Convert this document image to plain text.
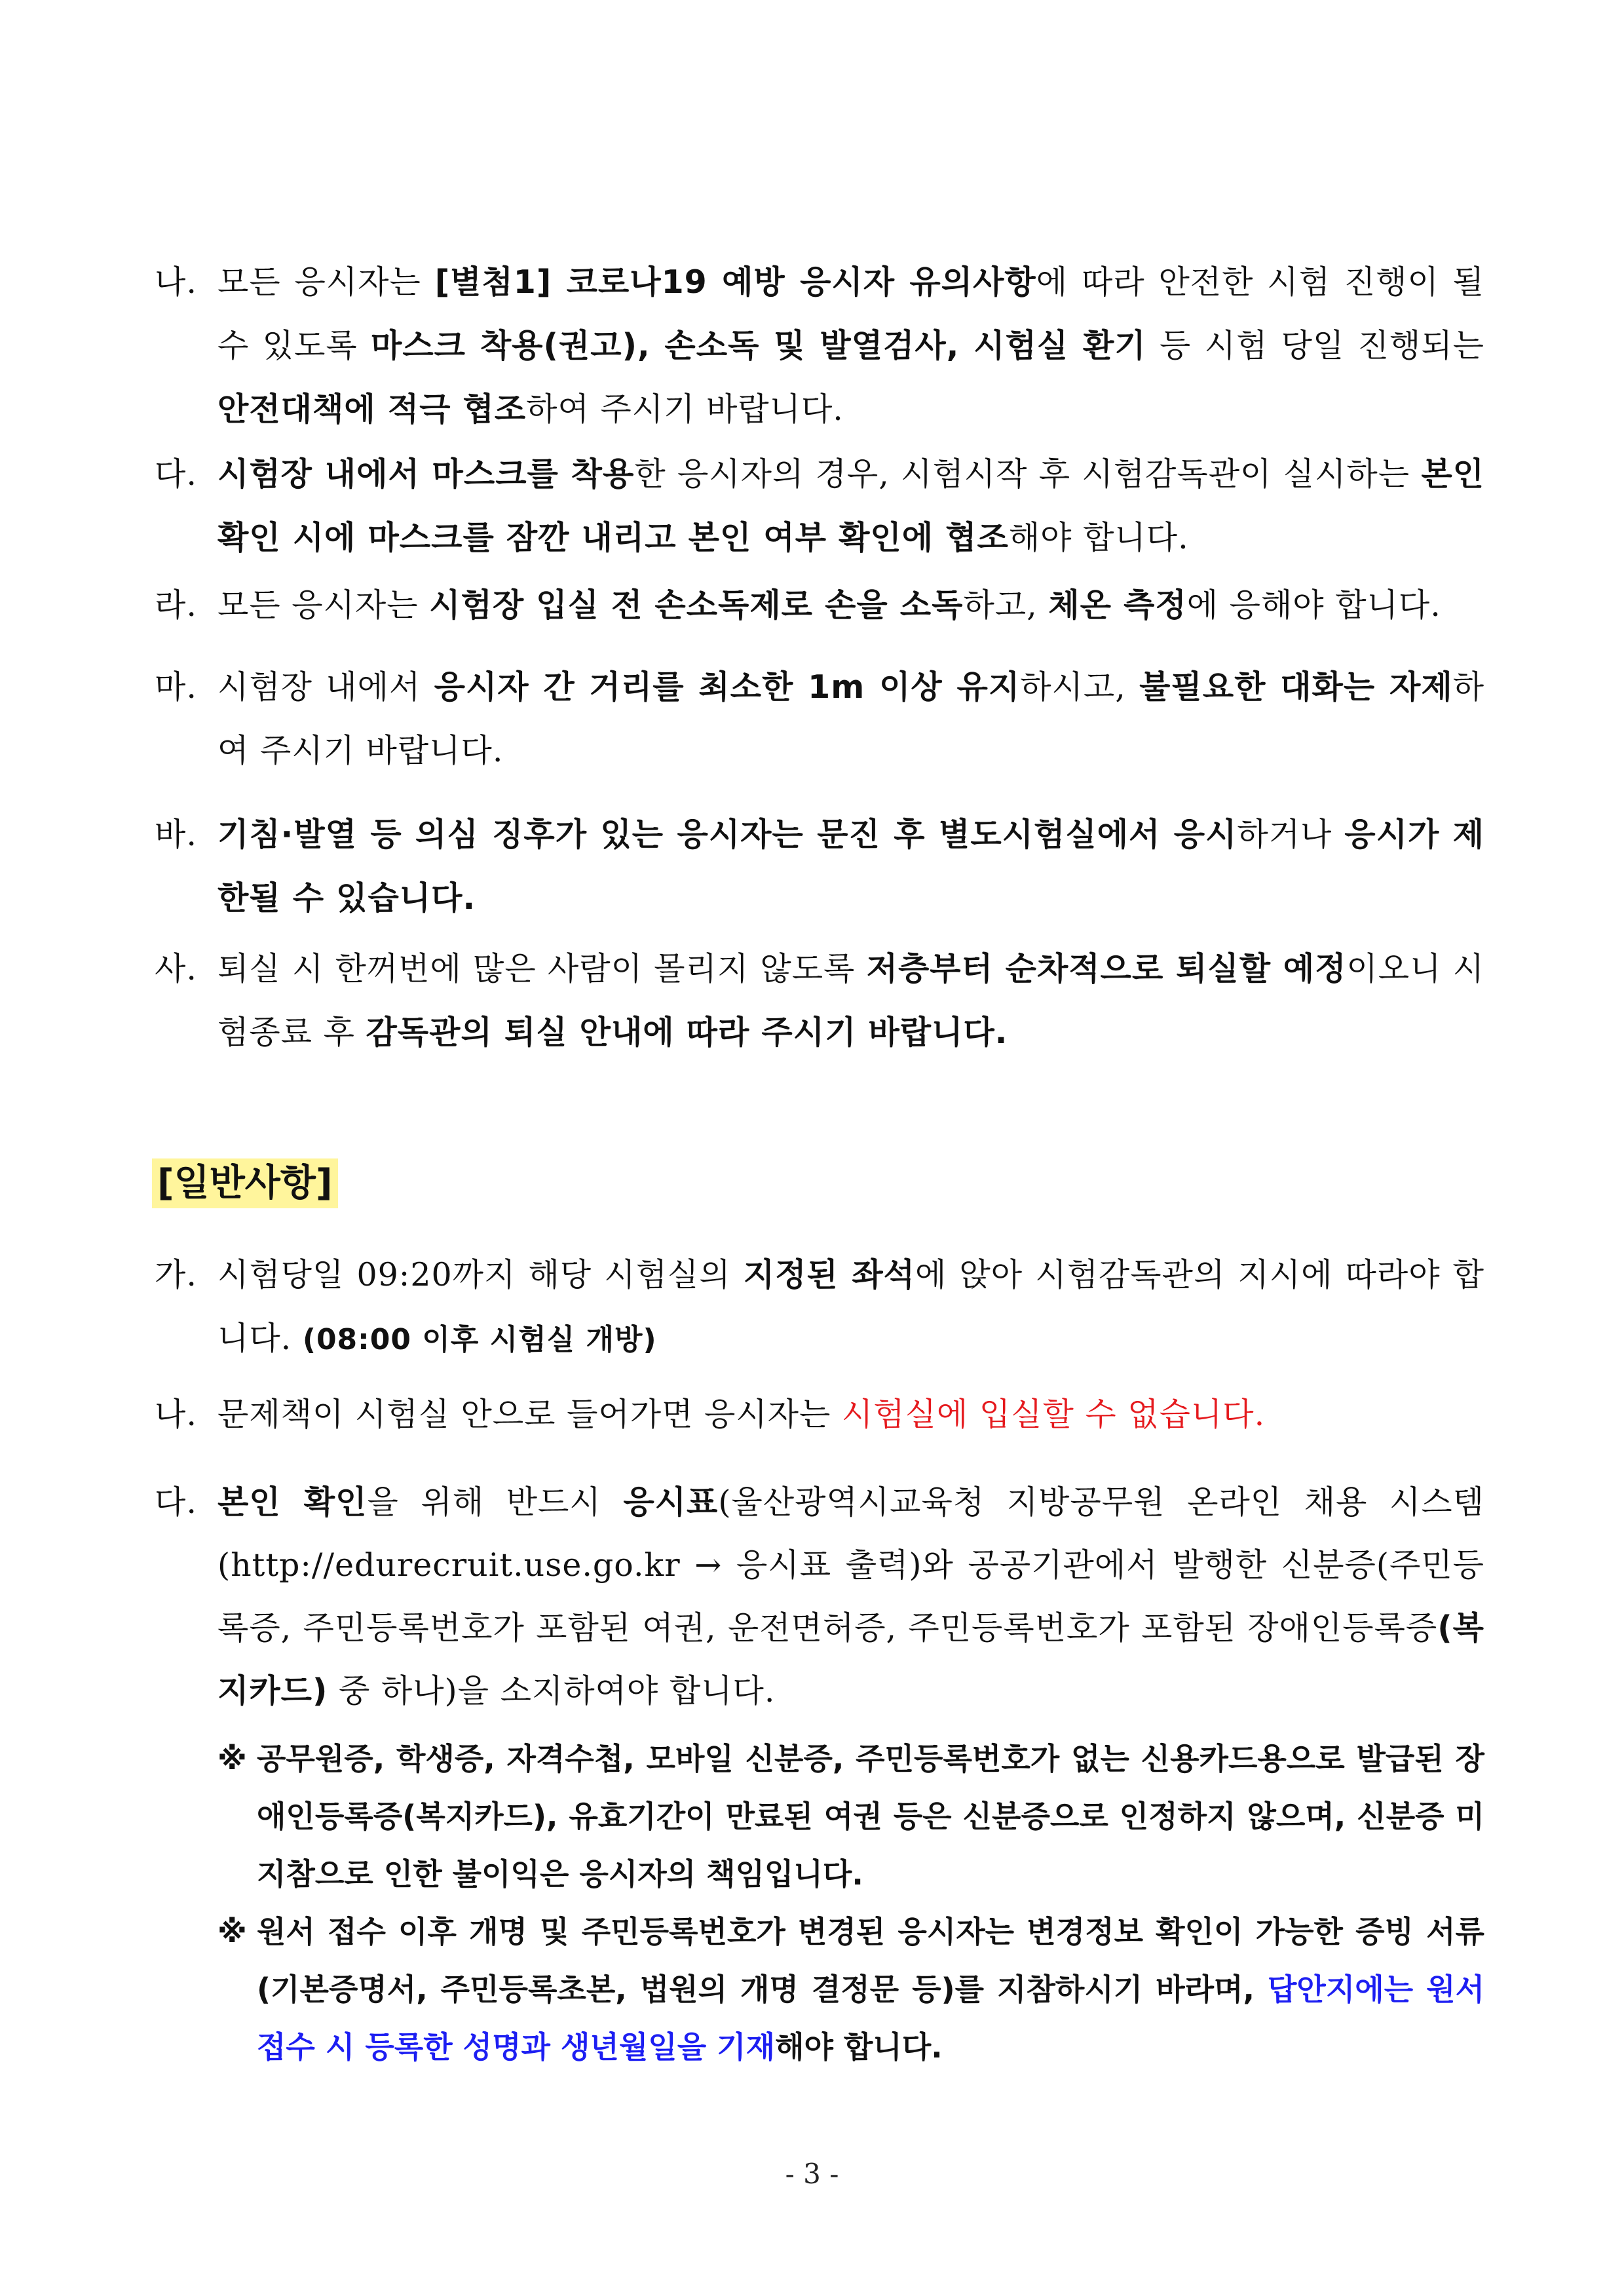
나. 모든 응시자는 [별첨1] 코로나19 예방 응시자 유의사항에 따라 안전한 시험 진행이 될 수 있도록 마스크 착용(권고), 손소독 및 발열검사, 시험실 환기 등 시험 당일 진행되는 안전대책에 적극 협조하여 주시기 바랍니다.
다. 시험장 내에서 마스크를 착용한 응시자의 경우, 시험시작 후 시험감독관이 실시하는 본인 확인 시에 마스크를 잠깐 내리고 본인 여부 확인에 협조해야 합니다.
라. 모든 응시자는 시험장 입실 전 손소독제로 손을 소독하고, 체온 측정에 응해야 합니다.
마. 시험장 내에서 응시자 간 거리를 최소한 1m 이상 유지하시고, 불필요한 대화는 자제하여 주시기 바랍니다.
바. 기침·발열 등 의심 징후가 있는 응시자는 문진 후 별도시험실에서 응시하거나 응시가 제한될 수 있습니다.
사. 퇴실 시 한꺼번에 많은 사람이 몰리지 않도록 저층부터 순차적으로 퇴실할 예정이오니 시험종료 후 감독관의 퇴실 안내에 따라 주시기 바랍니다.
[일반사항]
가. 시험당일 09:20까지 해당 시험실의 지정된 좌석에 앉아 시험감독관의 지시에 따라야 합니다. (08:00 이후 시험실 개방)
나. 문제책이 시험실 안으로 들어가면 응시자는 시험실에 입실할 수 없습니다.
다. 본인 확인을 위해 반드시 응시표(울산광역시교육청 지방공무원 온라인 채용 시스템(http://edurecruit.use.go.kr → 응시표 출력)와 공공기관에서 발행한 신분증(주민등록증, 주민등록번호가 포함된 여권, 운전면허증, 주민등록번호가 포함된 장애인등록증(복지카드) 중 하나)을 소지하여야 합니다.
※ 공무원증, 학생증, 자격수첩, 모바일 신분증, 주민등록번호가 없는 신용카드용으로 발급된 장애인등록증(복지카드), 유효기간이 만료된 여권 등은 신분증으로 인정하지 않으며, 신분증 미지참으로 인한 불이익은 응시자의 책임입니다.
※ 원서 접수 이후 개명 및 주민등록번호가 변경된 응시자는 변경정보 확인이 가능한 증빙 서류(기본증명서, 주민등록초본, 법원의 개명 결정문 등)를 지참하시기 바라며, 답안지에는 원서접수 시 등록한 성명과 생년월일을 기재해야 합니다.
- 3 -
